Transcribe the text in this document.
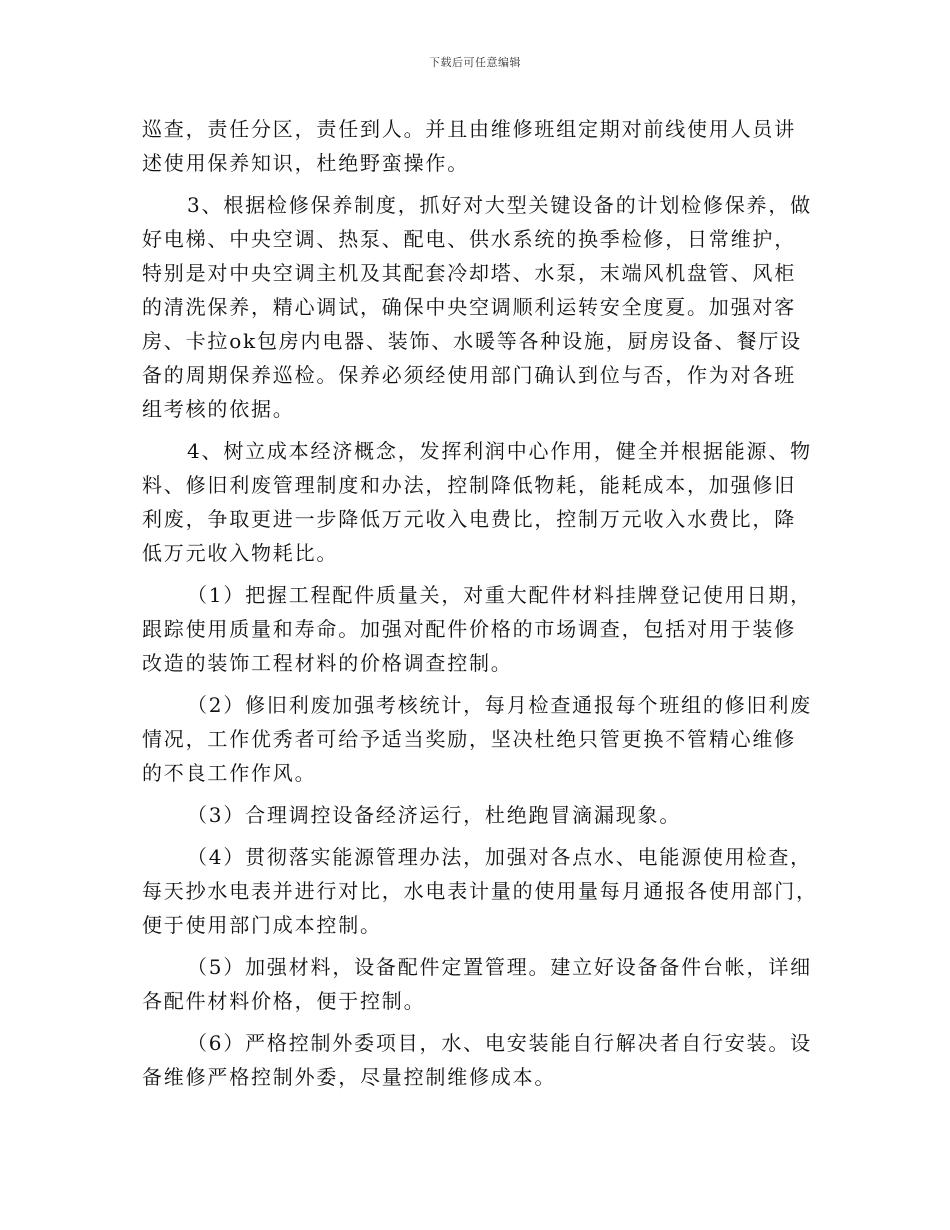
下载后可任意编辑
巡查，责任分区，责任到人。并且由维修班组定期对前线使用人员讲
述使用保养知识，杜绝野蛮操作。
3、根据检修保养制度，抓好对大型关键设备的计划检修保养，做
好电梯、中央空调、热泵、配电、供水系统的换季检修，日常维护，
特别是对中央空调主机及其配套冷却塔、水泵，末端风机盘管、风柜
的清洗保养，精心调试，确保中央空调顺利运转安全度夏。加强对客
房、卡拉ok包房内电器、装饰、水暖等各种设施，厨房设备、餐厅设
备的周期保养巡检。保养必须经使用部门确认到位与否，作为对各班
组考核的依据。
4、树立成本经济概念，发挥利润中心作用，健全并根据能源、物
料、修旧利废管理制度和办法，控制降低物耗，能耗成本，加强修旧
利废，争取更进一步降低万元收入电费比，控制万元收入水费比，降
低万元收入物耗比。
（1）把握工程配件质量关，对重大配件材料挂牌登记使用日期，
跟踪使用质量和寿命。加强对配件价格的市场调查，包括对用于装修
改造的装饰工程材料的价格调查控制。
（2）修旧利废加强考核统计，每月检查通报每个班组的修旧利废
情况，工作优秀者可给予适当奖励，坚决杜绝只管更换不管精心维修
的不良工作作风。
（3）合理调控设备经济运行，杜绝跑冒滴漏现象。
（4）贯彻落实能源管理办法，加强对各点水、电能源使用检查，
每天抄水电表并进行对比，水电表计量的使用量每月通报各使用部门，
便于使用部门成本控制。
（5）加强材料，设备配件定置管理。建立好设备备件台帐，详细
各配件材料价格，便于控制。
（6）严格控制外委项目，水、电安装能自行解决者自行安装。设
备维修严格控制外委，尽量控制维修成本。
